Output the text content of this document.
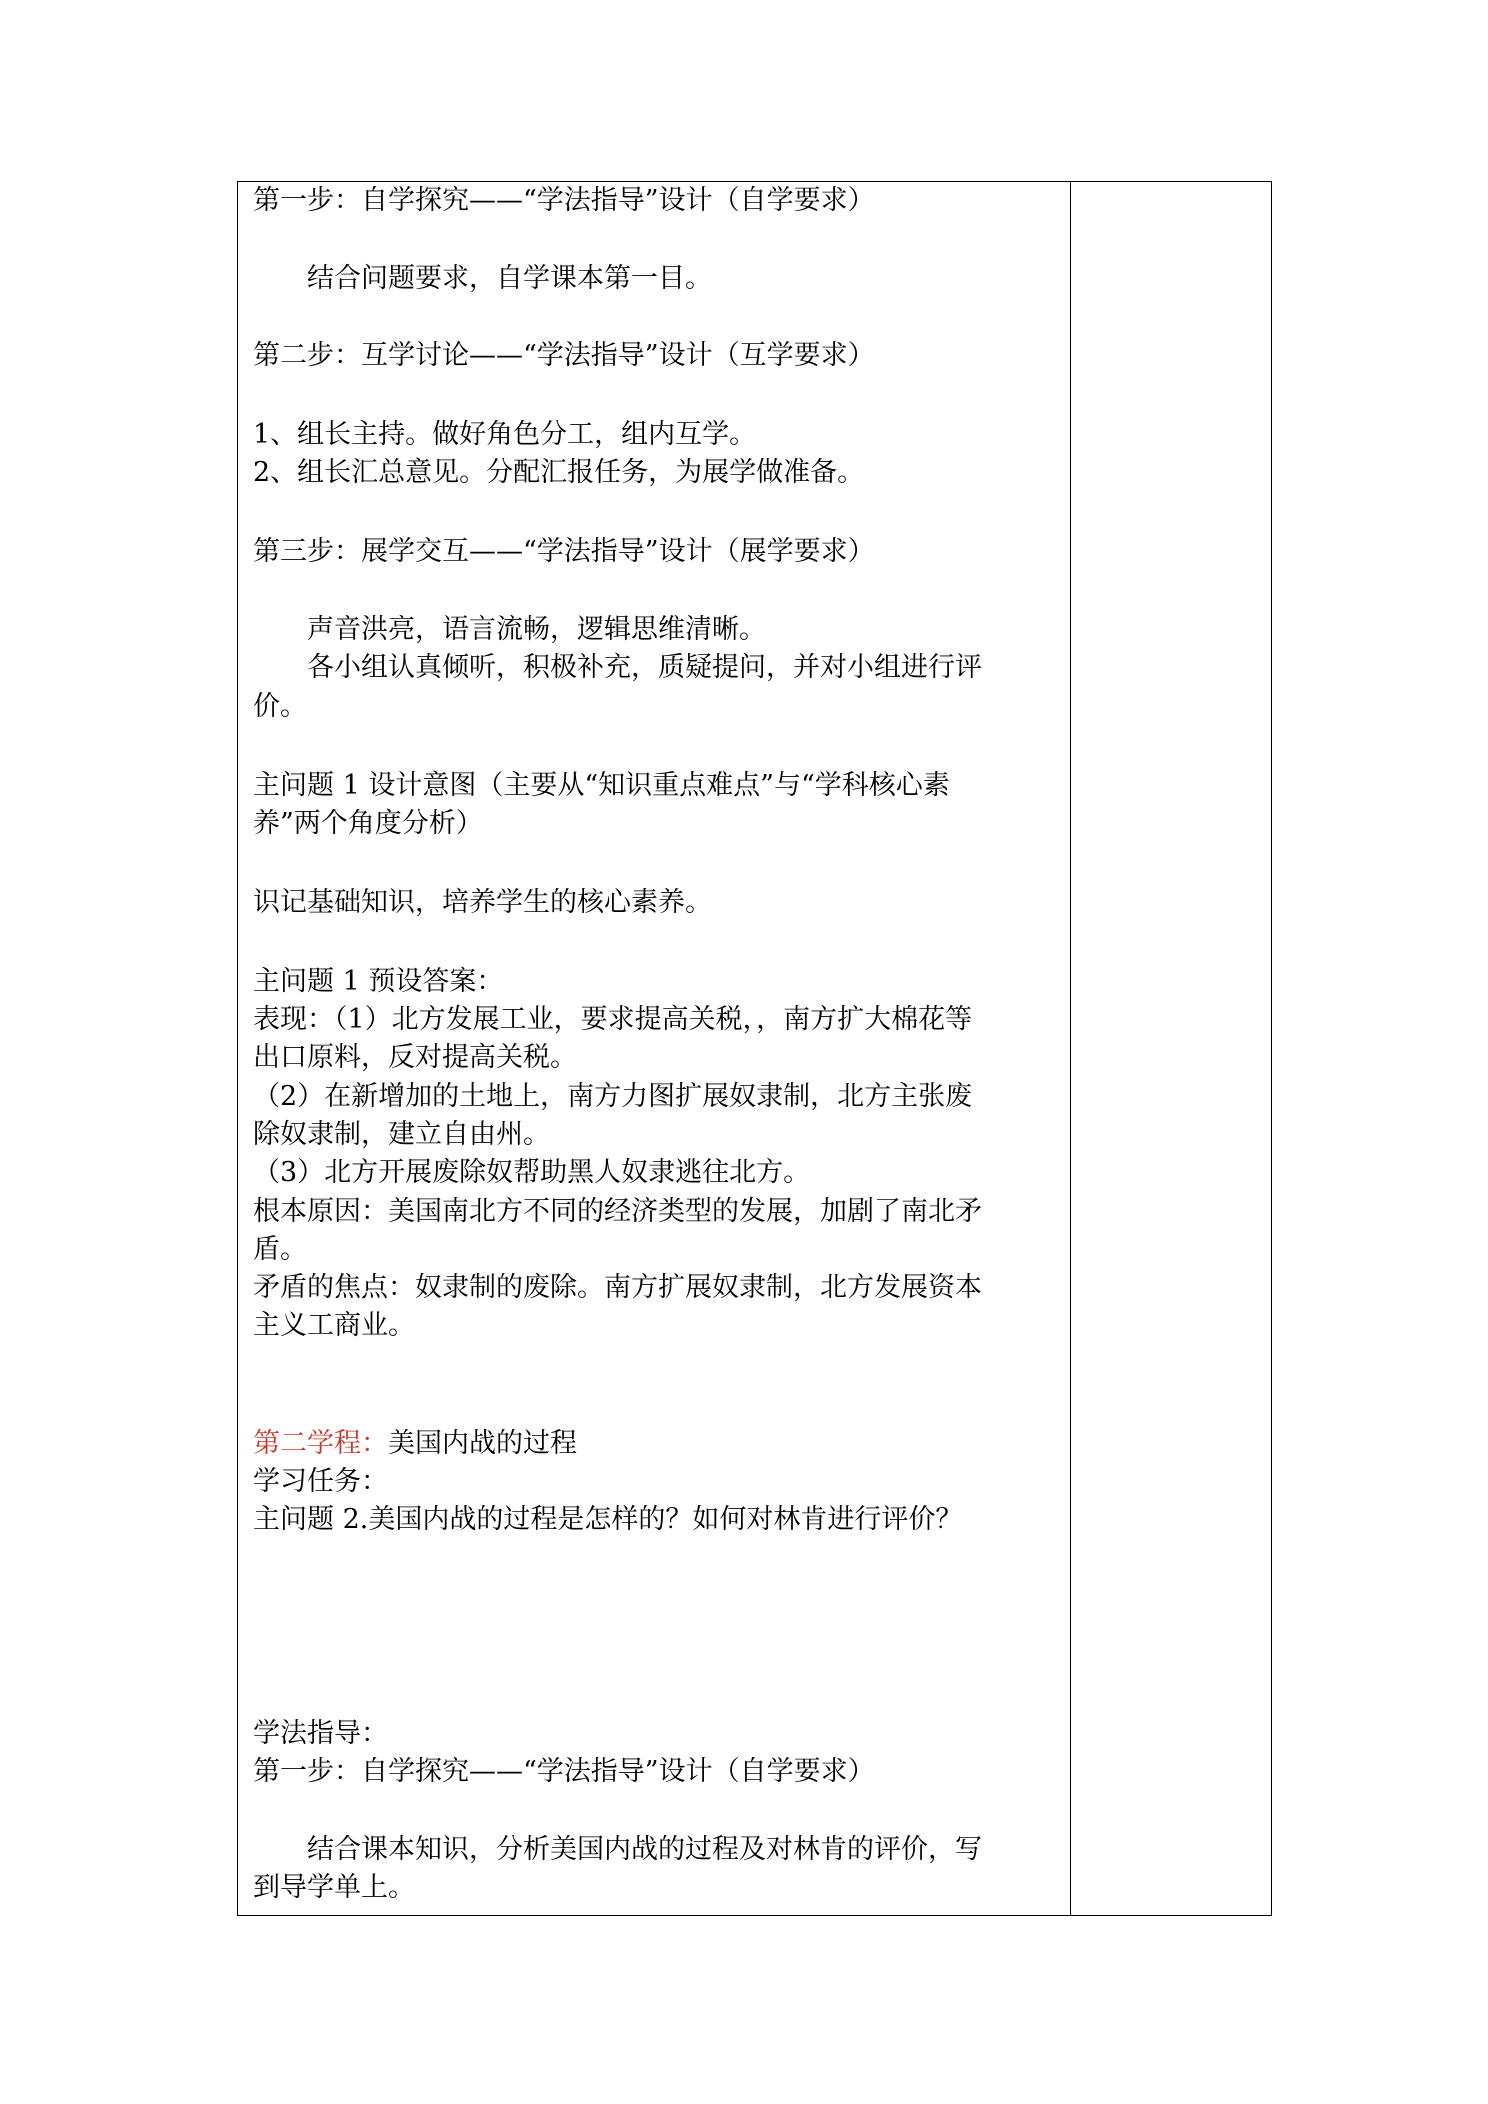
第一步：自学探究——“学法指导”设计（自学要求）
结合问题要求，自学课本第一目。
第二步：互学讨论——“学法指导”设计（互学要求）
1、组长主持。做好角色分工，组内互学。
2、组长汇总意见。分配汇报任务，为展学做准备。
第三步：展学交互——“学法指导”设计（展学要求）
声音洪亮，语言流畅，逻辑思维清晰。
各小组认真倾听，积极补充，质疑提问，并对小组进行评
价。
主问题 1 设计意图（主要从“知识重点难点”与“学科核心素
养”两个角度分析）
识记基础知识，培养学生的核心素养。
主问题 1 预设答案：
表现：（1）北方发展工业，要求提高关税，，南方扩大棉花等
出口原料，反对提高关税。
（2）在新增加的土地上，南方力图扩展奴隶制，北方主张废
除奴隶制，建立自由州。
（3）北方开展废除奴帮助黑人奴隶逃往北方。
根本原因：美国南北方不同的经济类型的发展，加剧了南北矛
盾。
矛盾的焦点：奴隶制的废除。南方扩展奴隶制，北方发展资本
主义工商业。
第二学程：美国内战的过程
学习任务：
主问题 2.美国内战的过程是怎样的？如何对林肯进行评价？
学法指导：
第一步：自学探究——“学法指导”设计（自学要求）
结合课本知识，分析美国内战的过程及对林肯的评价，写
到导学单上。
